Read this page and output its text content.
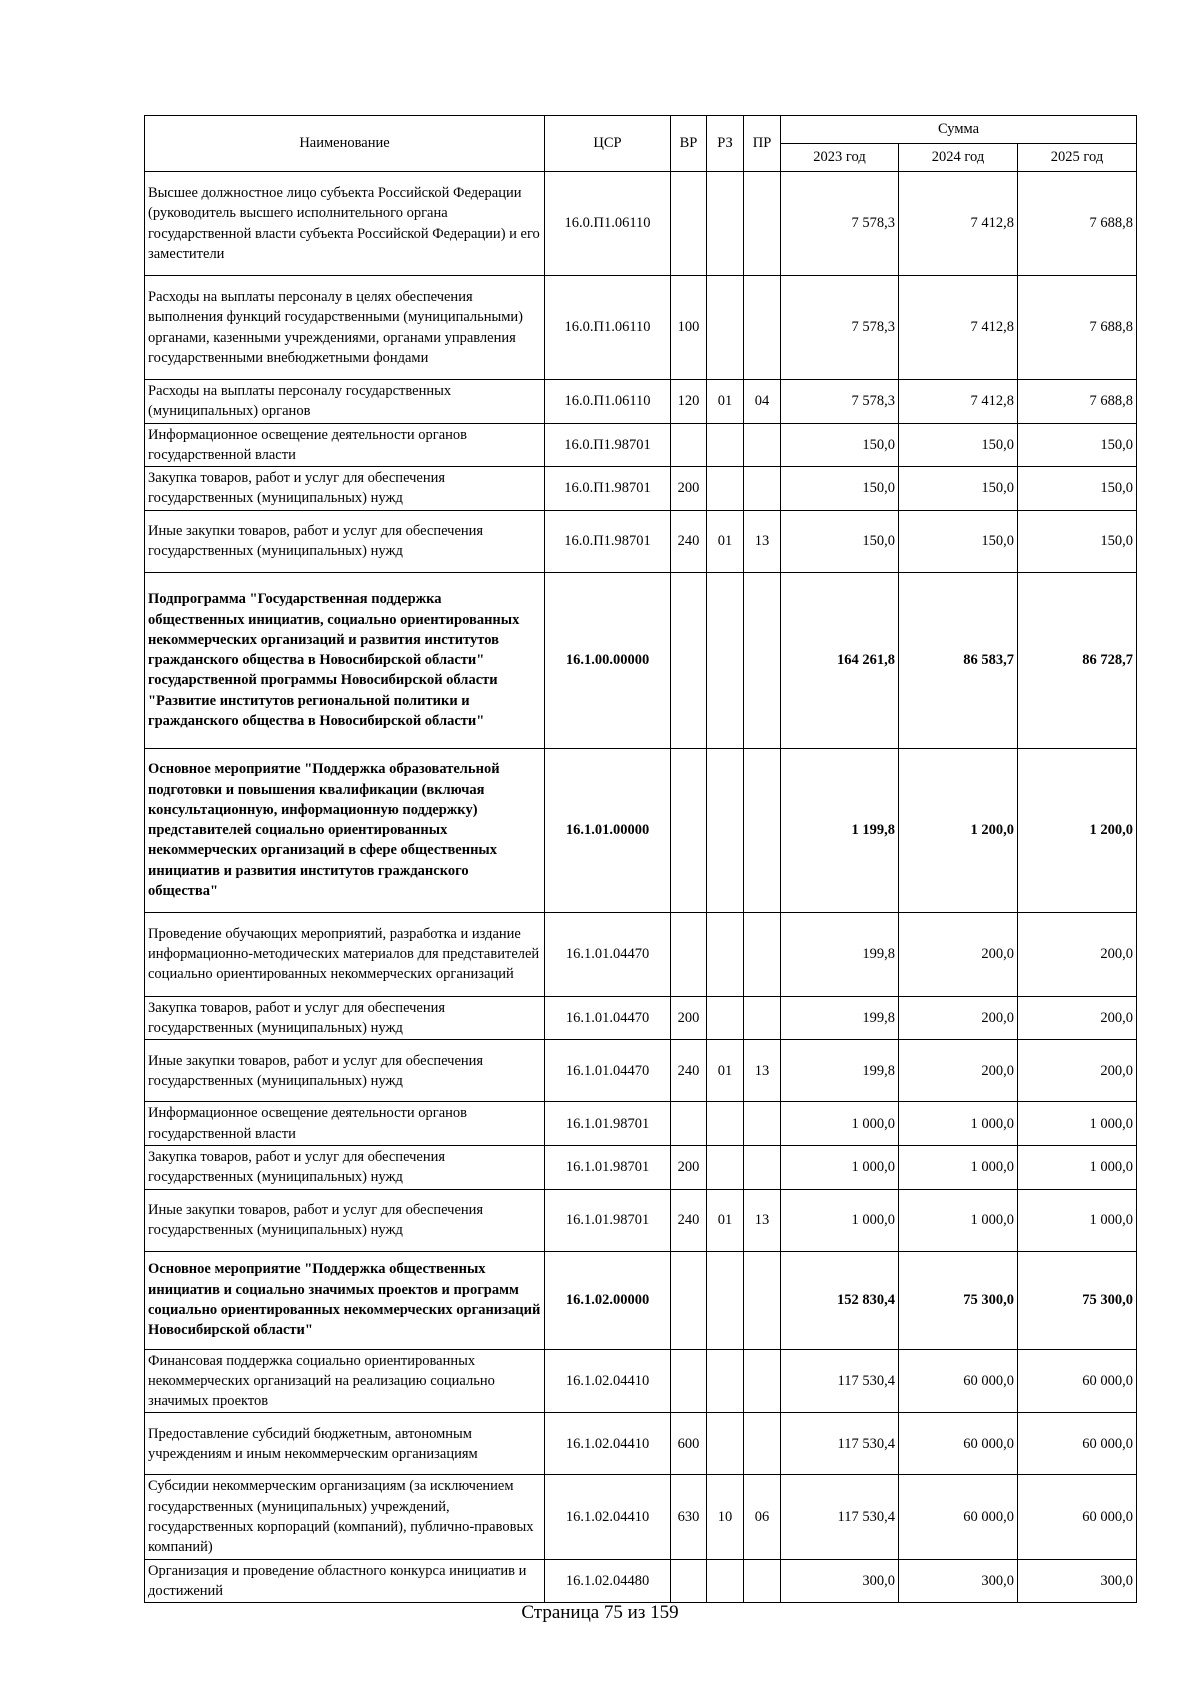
Наименование	ЦСР	ВР	РЗ	ПР	Сумма		
					2023 год	2024 год	2025 год
Высшее должностное лицо субъекта Российской Федерации (руководитель высшего исполнительного органа государственной власти субъекта Российской Федерации) и его заместители	16.0.П1.06110				7 578,3	7 412,8	7 688,8
Расходы на выплаты персоналу в целях обеспечения выполнения функций государственными (муниципальными) органами, казенными учреждениями, органами управления государственными внебюджетными фондами	16.0.П1.06110	100			7 578,3	7 412,8	7 688,8
Расходы на выплаты персоналу государственных (муниципальных) органов	16.0.П1.06110	120	01	04	7 578,3	7 412,8	7 688,8
Информационное освещение деятельности органов государственной власти	16.0.П1.98701				150,0	150,0	150,0
Закупка товаров, работ и услуг для обеспечения государственных (муниципальных) нужд	16.0.П1.98701	200			150,0	150,0	150,0
Иные закупки товаров, работ и услуг для обеспечения государственных (муниципальных) нужд	16.0.П1.98701	240	01	13	150,0	150,0	150,0
Подпрограмма "Государственная поддержка общественных инициатив, социально ориентированных некоммерческих организаций и развития институтов гражданского общества в Новосибирской области" государственной программы Новосибирской области "Развитие институтов региональной политики и гражданского общества в Новосибирской области"	16.1.00.00000				164 261,8	86 583,7	86 728,7
Основное мероприятие "Поддержка образовательной подготовки и повышения квалификации (включая консультационную, информационную поддержку) представителей социально ориентированных некоммерческих организаций в сфере общественных инициатив и развития институтов гражданского общества"	16.1.01.00000				1 199,8	1 200,0	1 200,0
Проведение обучающих мероприятий, разработка и издание информационно-методических материалов для представителей социально ориентированных некоммерческих организаций	16.1.01.04470				199,8	200,0	200,0
Закупка товаров, работ и услуг для обеспечения государственных (муниципальных) нужд	16.1.01.04470	200			199,8	200,0	200,0
Иные закупки товаров, работ и услуг для обеспечения государственных (муниципальных) нужд	16.1.01.04470	240	01	13	199,8	200,0	200,0
Информационное освещение деятельности органов государственной власти	16.1.01.98701				1 000,0	1 000,0	1 000,0
Закупка товаров, работ и услуг для обеспечения государственных (муниципальных) нужд	16.1.01.98701	200			1 000,0	1 000,0	1 000,0
Иные закупки товаров, работ и услуг для обеспечения государственных (муниципальных) нужд	16.1.01.98701	240	01	13	1 000,0	1 000,0	1 000,0
Основное мероприятие "Поддержка общественных инициатив и социально значимых проектов и программ социально ориентированных некоммерческих организаций Новосибирской области"	16.1.02.00000				152 830,4	75 300,0	75 300,0
Финансовая поддержка социально ориентированных некоммерческих организаций на реализацию социально значимых проектов	16.1.02.04410				117 530,4	60 000,0	60 000,0
Предоставление субсидий бюджетным, автономным учреждениям и иным некоммерческим организациям	16.1.02.04410	600			117 530,4	60 000,0	60 000,0
Субсидии некоммерческим организациям (за исключением государственных (муниципальных) учреждений, государственных корпораций (компаний), публично-правовых компаний)	16.1.02.04410	630	10	06	117 530,4	60 000,0	60 000,0
Организация и проведение областного конкурса инициатив и достижений	16.1.02.04480				300,0	300,0	300,0
Страница 75 из 159
